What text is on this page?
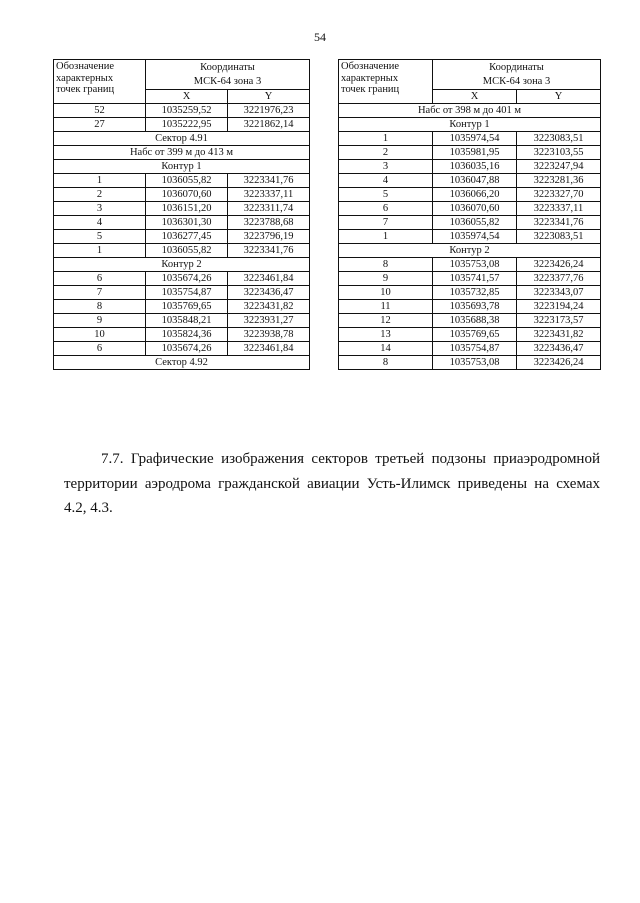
54
Обозначение
характерных
точек границ	Координаты
МСК-64 зона 3	
	X	Y
52	1035259,52	3221976,23
27	1035222,95	3221862,14
Сектор 4.91		
Набс от 399 м до 413 м		
Контур 1		
1	1036055,82	3223341,76
2	1036070,60	3223337,11
3	1036151,20	3223311,74
4	1036301,30	3223788,68
5	1036277,45	3223796,19
1	1036055,82	3223341,76
Контур 2		
6	1035674,26	3223461,84
7	1035754,87	3223436,47
8	1035769,65	3223431,82
9	1035848,21	3223931,27
10	1035824,36	3223938,78
6	1035674,26	3223461,84
Сектор 4.92		
Обозначение
характерных
точек границ	Координаты
МСК-64 зона 3	
	X	Y
Набс от 398 м до 401 м		
Контур 1		
1	1035974,54	3223083,51
2	1035981,95	3223103,55
3	1036035,16	3223247,94
4	1036047,88	3223281,36
5	1036066,20	3223327,70
6	1036070,60	3223337,11
7	1036055,82	3223341,76
1	1035974,54	3223083,51
Контур 2		
8	1035753,08	3223426,24
9	1035741,57	3223377,76
10	1035732,85	3223343,07
11	1035693,78	3223194,24
12	1035688,38	3223173,57
13	1035769,65	3223431,82
14	1035754,87	3223436,47
8	1035753,08	3223426,24
7.7. Графические изображения секторов третьей подзоны приаэродромной территории аэродрома гражданской авиации Усть-Илимск приведены на схемах 4.2, 4.3.
